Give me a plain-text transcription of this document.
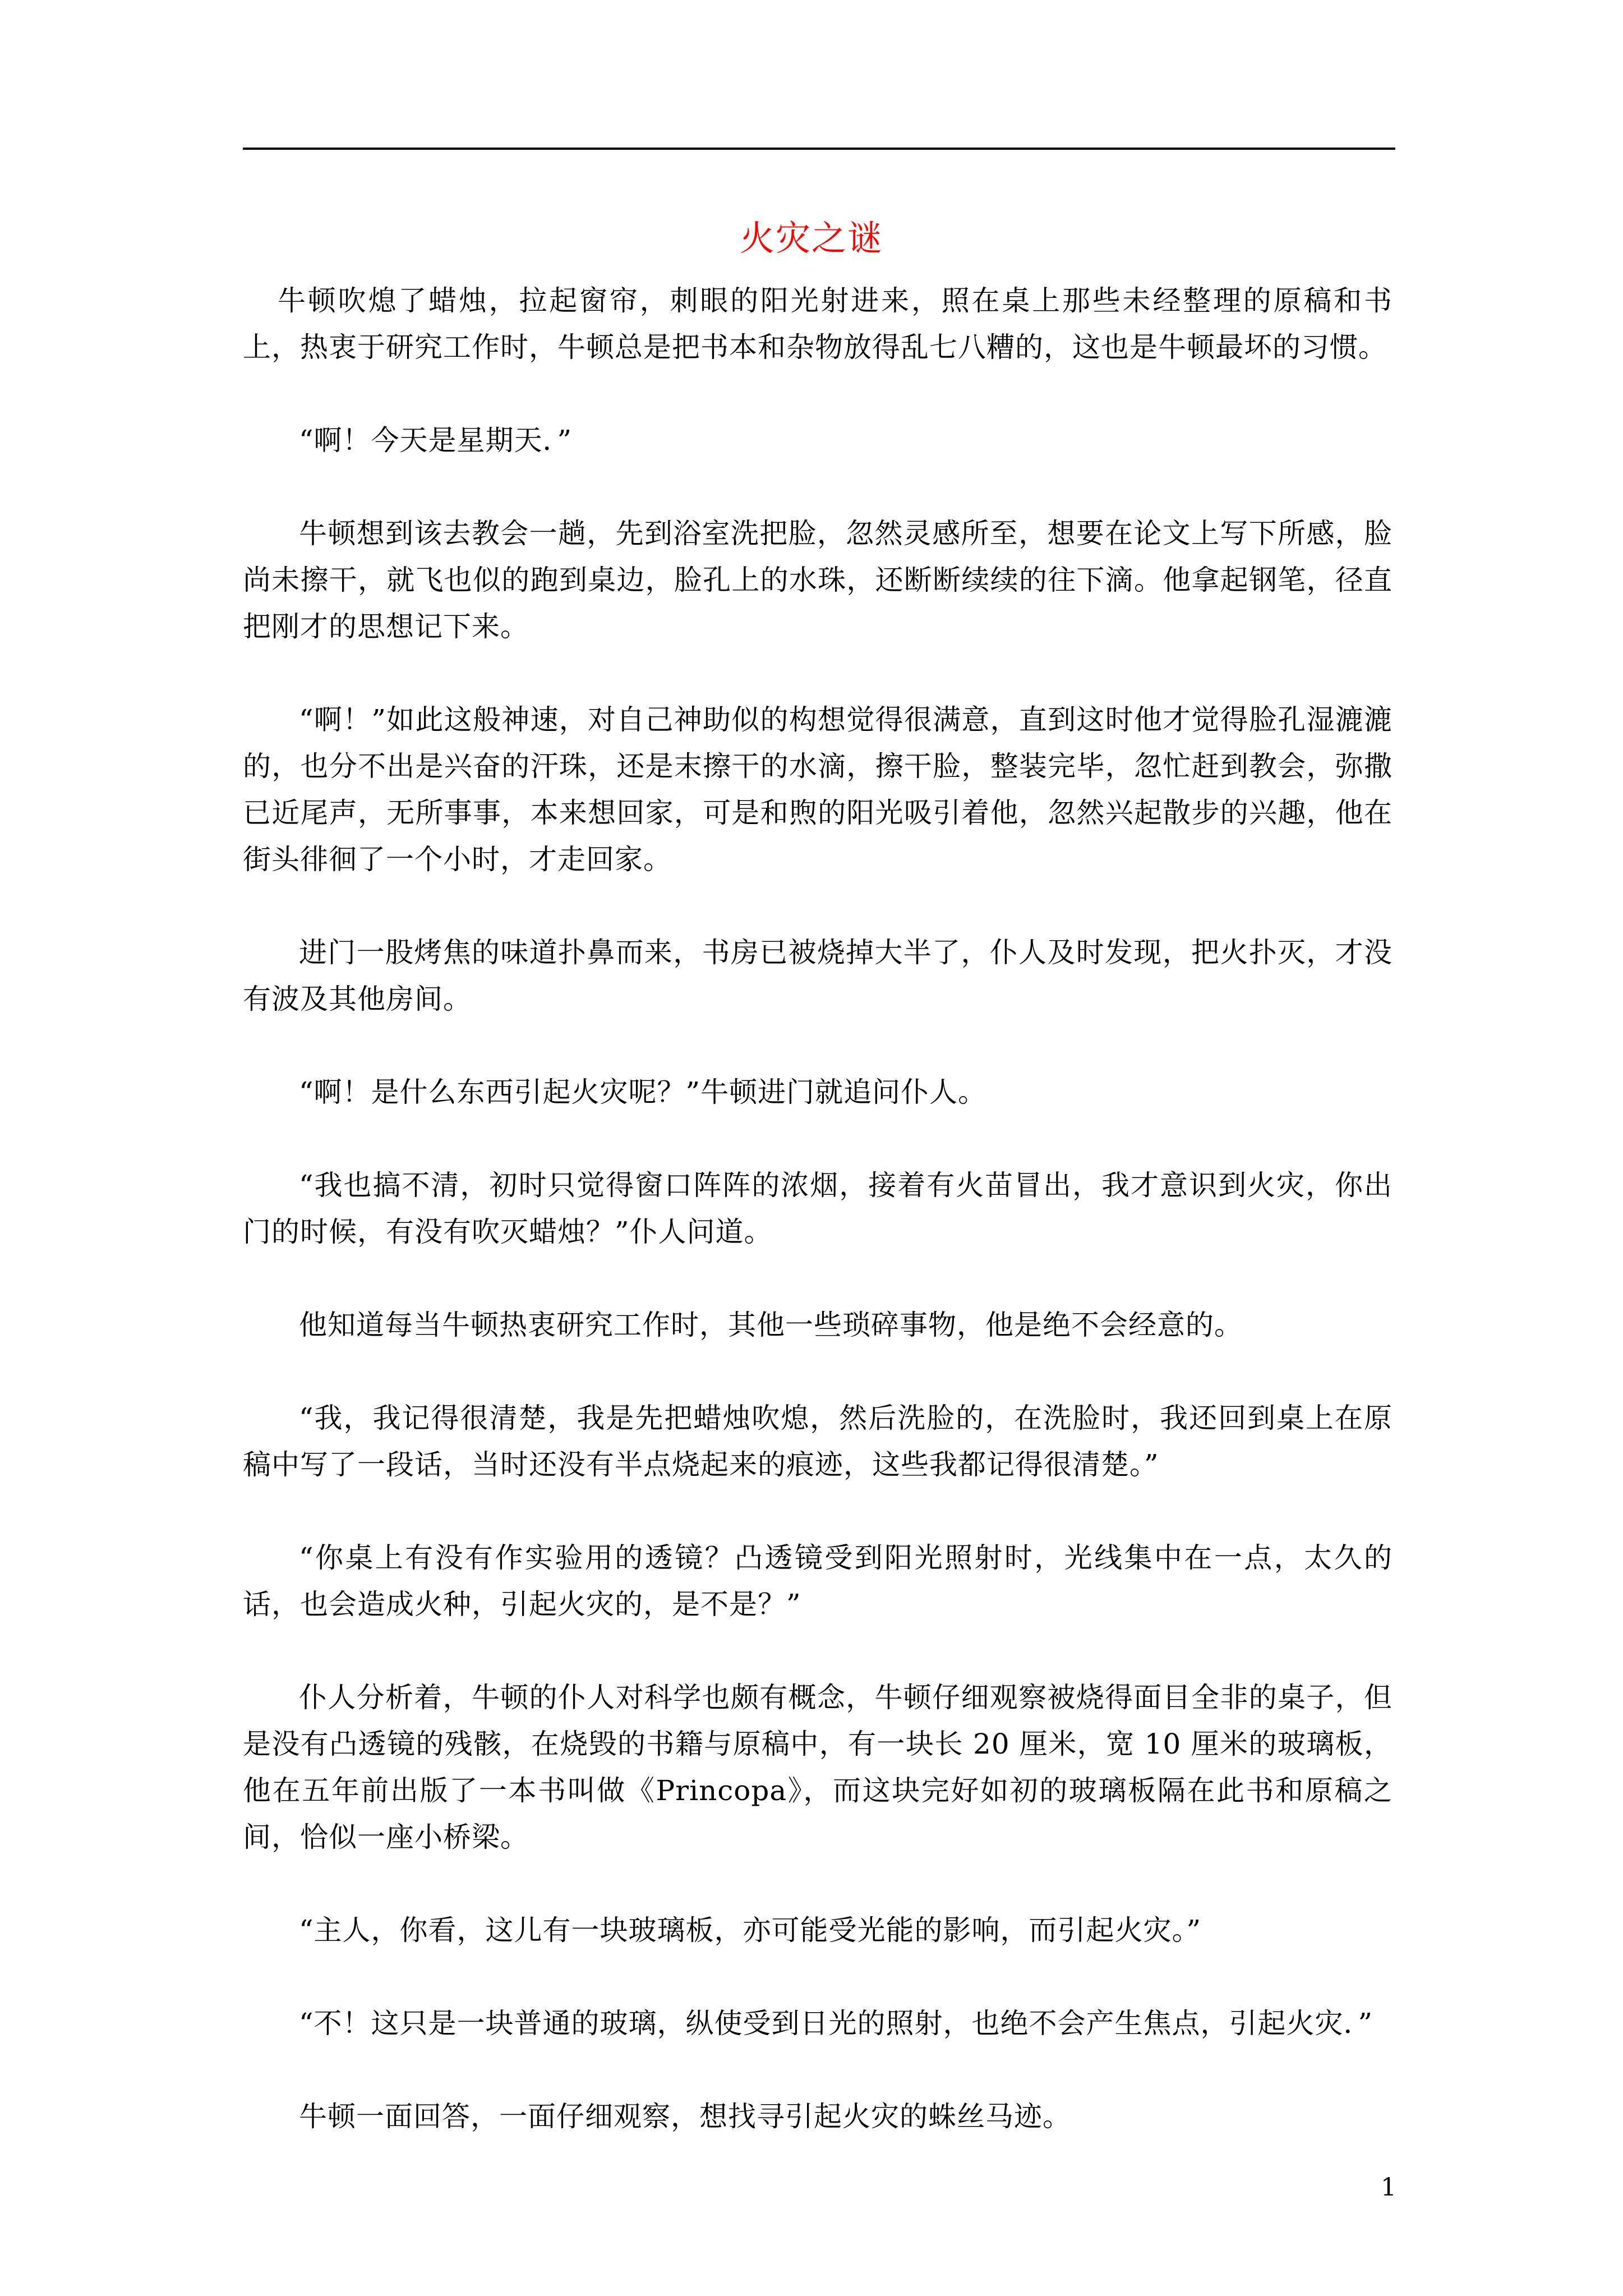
火灾之谜

牛顿吹熄了蜡烛，拉起窗帘，刺眼的阳光射进来，照在桌上那些未经整理的原稿和书上，热衷于研究工作时，牛顿总是把书本和杂物放得乱七八糟的，这也是牛顿最坏的习惯。

“啊！今天是星期天．”

牛顿想到该去教会一趟，先到浴室洗把脸，忽然灵感所至，想要在论文上写下所感，脸尚未擦干，就飞也似的跑到桌边，脸孔上的水珠，还断断续续的往下滴。他拿起钢笔，径直把刚才的思想记下来。

“啊！”如此这般神速，对自己神助似的构想觉得很满意，直到这时他才觉得脸孔湿漉漉的，也分不出是兴奋的汗珠，还是末擦干的水滴，擦干脸，整装完毕，忽忙赶到教会，弥撒已近尾声，无所事事，本来想回家，可是和煦的阳光吸引着他，忽然兴起散步的兴趣，他在街头徘徊了一个小时，才走回家。

进门一股烤焦的味道扑鼻而来，书房已被烧掉大半了，仆人及时发现，把火扑灭，才没有波及其他房间。

“啊！是什么东西引起火灾呢？”牛顿进门就追问仆人。

“我也搞不清，初时只觉得窗口阵阵的浓烟，接着有火苗冒出，我才意识到火灾，你出门的时候，有没有吹灭蜡烛？”仆人问道。

他知道每当牛顿热衷研究工作时，其他一些琐碎事物，他是绝不会经意的。

“我，我记得很清楚，我是先把蜡烛吹熄，然后洗脸的，在洗脸时，我还回到桌上在原稿中写了一段话，当时还没有半点烧起来的痕迹，这些我都记得很清楚。”

“你桌上有没有作实验用的透镜？凸透镜受到阳光照射时，光线集中在一点，太久的话，也会造成火种，引起火灾的，是不是？”

仆人分析着，牛顿的仆人对科学也颇有概念，牛顿仔细观察被烧得面目全非的桌子，但是没有凸透镜的残骸，在烧毁的书籍与原稿中，有一块长 20 厘米，宽 10 厘米的玻璃板，他在五年前出版了一本书叫做《Princopa》，而这块完好如初的玻璃板隔在此书和原稿之间，恰似一座小桥梁。

“主人，你看，这儿有一块玻璃板，亦可能受光能的影响，而引起火灾。”

“不！这只是一块普通的玻璃，纵使受到日光的照射，也绝不会产生焦点，引起火灾．”

牛顿一面回答，一面仔细观察，想找寻引起火灾的蛛丝马迹。

1
